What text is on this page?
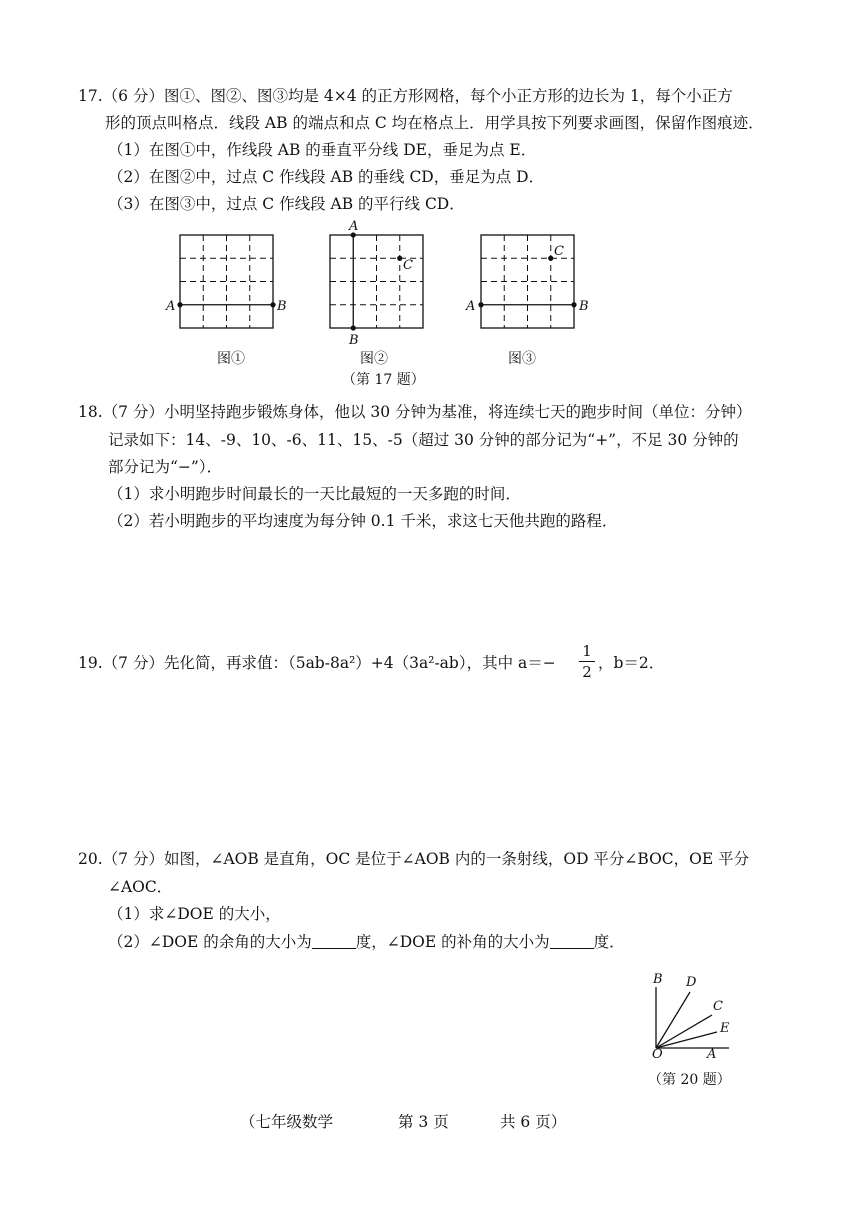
17.（6 分）图①、图②、图③均是 4×4 的正方形网格，每个小正方形的边长为 1，每个小正方
形的顶点叫格点．线段 AB 的端点和点 C 均在格点上．用学具按下列要求画图，保留作图痕迹．
（1）在图①中，作线段 AB 的垂直平分线 DE，垂足为点 E．
（2）在图②中，过点 C 作线段 AB 的垂线 CD，垂足为点 D．
（3）在图③中，过点 C 作线段 AB 的平行线 CD．
A	B
图①
A
C
B
图②
C
A	B
图③
（第 17 题）
18.（7 分）小明坚持跑步锻炼身体，他以 30 分钟为基准，将连续七天的跑步时间（单位：分钟）
记录如下：14、-9、10、-6、11、15、-5（超过 30 分钟的部分记为“+”，不足 30 分钟的
部分记为“−”）．
（1）求小明跑步时间最长的一天比最短的一天多跑的时间．
（2）若小明跑步的平均速度为每分钟 0.1 千米，求这七天他共跑的路程．
19.（7 分）先化简，再求值：（5ab-8a²）+4（3a²-ab），其中 a＝−
1
2 ，b＝2．
20.（7 分）如图，∠AOB 是直角，OC 是位于∠AOB 内的一条射线，OD 平分∠BOC，OE 平分
∠AOC．
（1）求∠DOE 的大小，
（2）∠DOE 的余角的大小为	度，∠DOE 的补角的大小为	度．
B D
C
E
O	A
（第 20 题）
（七年级数学	第 3 页	共 6 页）
